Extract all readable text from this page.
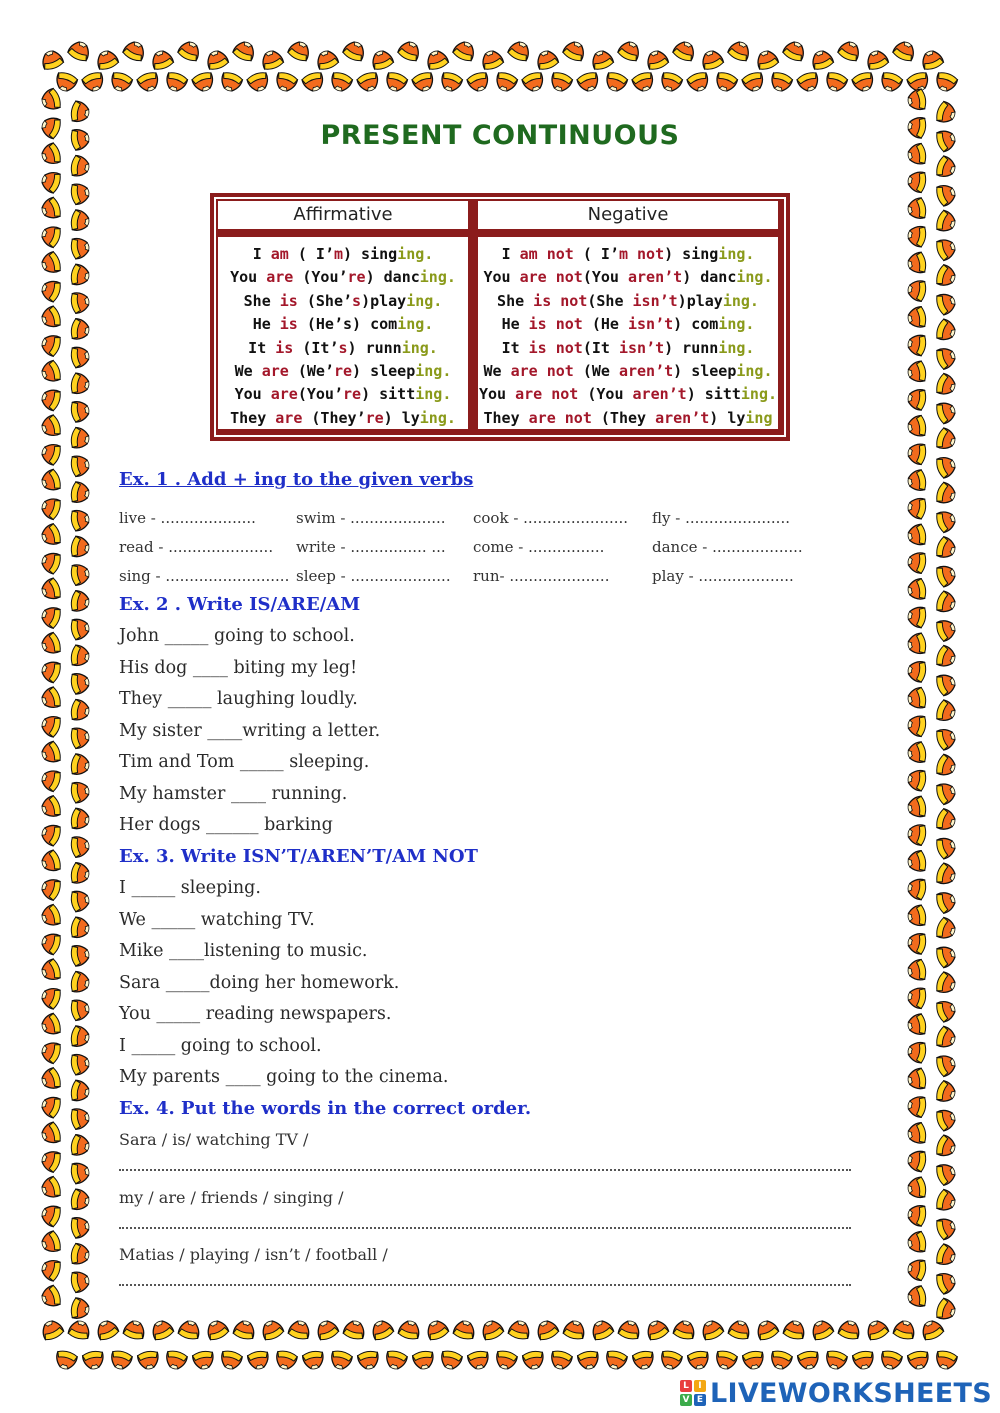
PRESENT CONTINUOUS
Affirmative	Negative
I am ( I’m) singing.
You are (You’re) dancing.
She is (She’s)playing.
He is (He’s) coming.
It is (It’s) running.
We are (We’re) sleeping.
You are(You’re) sitting.
They are (They’re) lying.
I am not ( I’m not) singing.
You are not(You aren’t) dancing.
She is not(She isn’t)playing.
He is not (He isn’t) coming.
It is not(It isn’t) running.
We are not (We aren’t) sleeping.
You are not (You aren’t) sitting.
They are not (They aren’t) lying
Ex. 1 . Add + ing to the given verbs
live - ....................	swim - .................... cook - ...................... fly - ......................
read - ...................... write - ................ ... come - ................	dance - ...................
sing - .......................... sleep - ..................... run- .....................	play - ....................
Ex. 2 . Write IS/ARE/AM
John _____ going to school.
His dog ____ biting my leg!
They _____ laughing loudly.
My sister ____writing a letter.
Tim and Tom _____ sleeping.
My hamster ____ running.
Her dogs ______ barking
Ex. 3. Write ISN’T/AREN’T/AM NOT
I _____ sleeping.
We _____ watching TV.
Mike ____listening to music.
Sara _____doing her homework.
You _____ reading newspapers.
I _____ going to school.
My parents ____ going to the cinema.
Ex. 4. Put the words in the correct order.
Sara / is/ watching TV /
my / are / friends / singing /
Matias / playing / isn’t / football /
L	I
V E LIVEWORKSHEETS
